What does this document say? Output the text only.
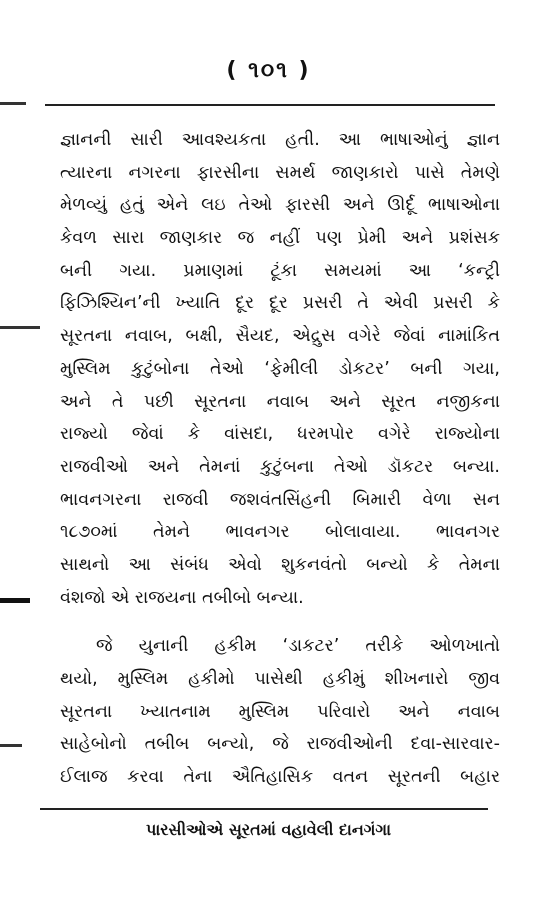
( ૧૦૧ )
જ્ઞાનની સારી આવશ્યકતા હતી. આ ભાષાઓનું જ્ઞાન
ત્યારના નગરના ફારસીના સમર્થ જાણકારો પાસે તેમણે
મેળવ્યું હતું એને લઇ તેઓ ફારસી અને ઊર્દૂ ભાષાઓના
કેવળ સારા જાણકાર જ નહીં પણ પ્રેમી અને પ્રશંસક
બની ગયા. પ્રમાણમાં ટૂંકા સમયમાં આ ‘કન્ટ્રી
ફિઝિશ્યિન’ની ખ્યાતિ દૂર દૂર પ્રસરી તે એવી પ્રસરી કે
સૂરતના નવાબ, બક્ષી, સૈયદ, એદ્રુસ વગેરે જેવાં નામાંકિત
મુસ્લિમ કુટુંબોના તેઓ ‘ફેમીલી ડોકટર’ બની ગયા,
અને તે પછી સૂરતના નવાબ અને સૂરત નજીકના
રાજ્યો જેવાં કે વાંસદા, ધરમપોર વગેરે રાજ્યોના
રાજવીઓ અને તેમનાં કુટુંબના તેઓ ડૉકટર બન્યા.
ભાવનગરના રાજવી જશવંતસિંહની બિમારી વેળા સન
૧૮૭૦માં તેમને ભાવનગર બોલાવાયા. ભાવનગર
સાથનો આ સંબંધ એવો શુકનવંતો બન્યો કે તેમના
વંશજો એ રાજયના તબીબો બન્યા.
જે યુનાની હકીમ ‘ડાકટર’ તરીકે ઓળખાતો
થયો, મુસ્લિમ હકીમો પાસેથી હકીમું શીખનારો જીવ
સૂરતના ખ્યાતનામ મુસ્લિમ પરિવારો અને નવાબ
સાહેબોનો તબીબ બન્યો, જે રાજવીઓની દવા-સારવાર-
ઈલાજ કરવા તેના ઐતિહાસિક વતન સૂરતની બહાર
પારસીઓએ સૂરતમાં વહાવેલી દાનગંગા
